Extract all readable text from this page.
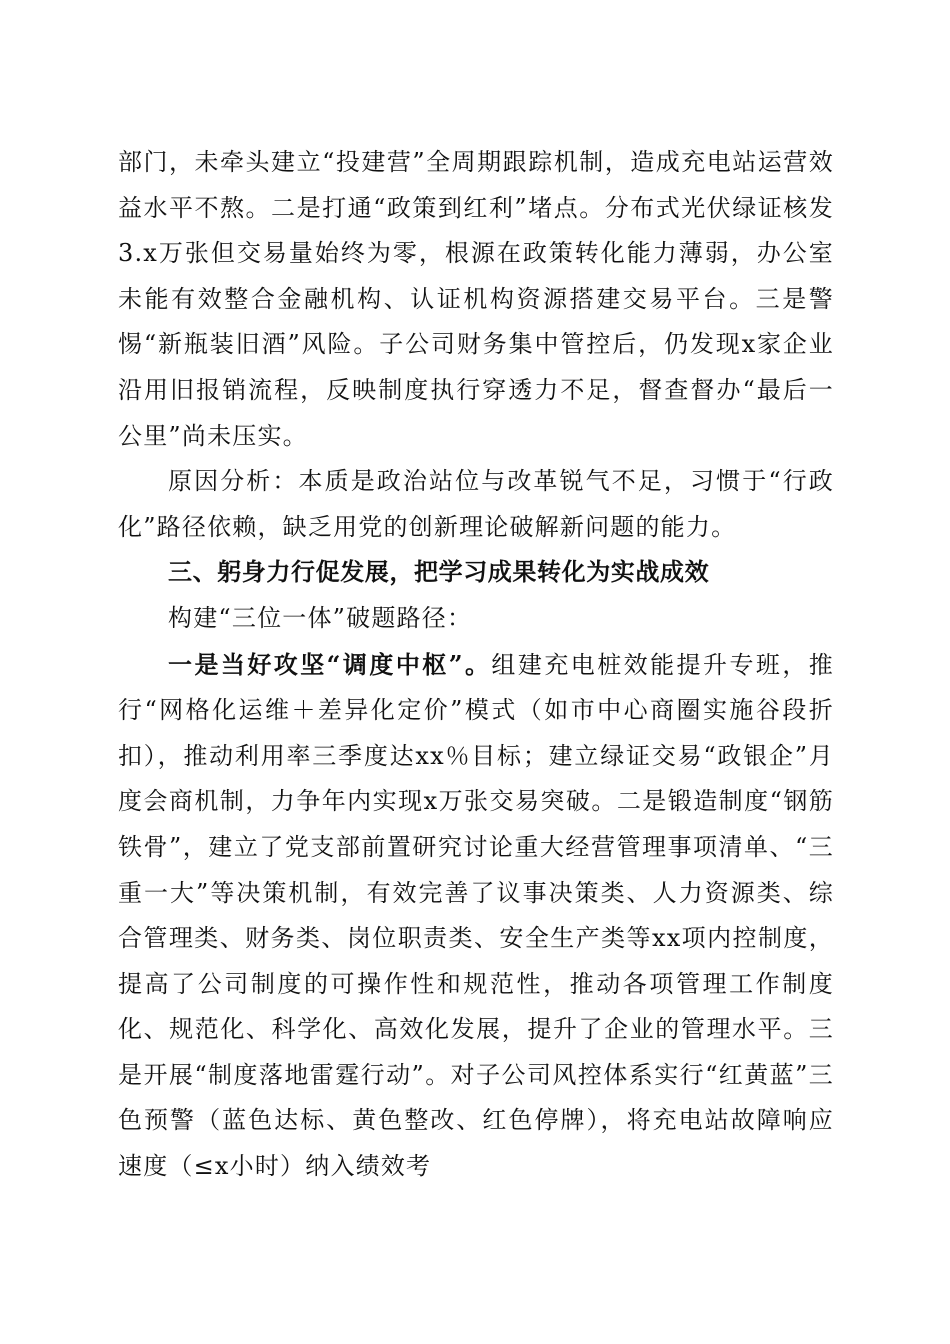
部门，未牵头建立“投建营”全周期跟踪机制，造成充电站运营效益水平不熬。二是打通“政策到红利”堵点。分布式光伏绿证核发3.x万张但交易量始终为零，根源在政策转化能力薄弱，办公室未能有效整合金融机构、认证机构资源搭建交易平台。三是警惕“新瓶装旧酒”风险。子公司财务集中管控后，仍发现x家企业沿用旧报销流程，反映制度执行穿透力不足，督查督办“最后一公里”尚未压实。

原因分析：本质是政治站位与改革锐气不足，习惯于“行政化”路径依赖，缺乏用党的创新理论破解新问题的能力。

三、躬身力行促发展，把学习成果转化为实战成效

构建“三位一体”破题路径：

一是当好攻坚“调度中枢”。组建充电桩效能提升专班，推行“网格化运维＋差异化定价”模式（如市中心商圈实施谷段折扣），推动利用率三季度达xx％目标；建立绿证交易“政银企”月度会商机制，力争年内实现x万张交易突破。二是锻造制度“钢筋铁骨”，建立了党支部前置研究讨论重大经营管理事项清单、“三重一大”等决策机制，有效完善了议事决策类、人力资源类、综合管理类、财务类、岗位职责类、安全生产类等xx项内控制度，提高了公司制度的可操作性和规范性，推动各项管理工作制度化、规范化、科学化、高效化发展，提升了企业的管理水平。三是开展“制度落地雷霆行动”。对子公司风控体系实行“红黄蓝”三色预警（蓝色达标、黄色整改、红色停牌），将充电站故障响应速度（≤x小时）纳入绩效考
